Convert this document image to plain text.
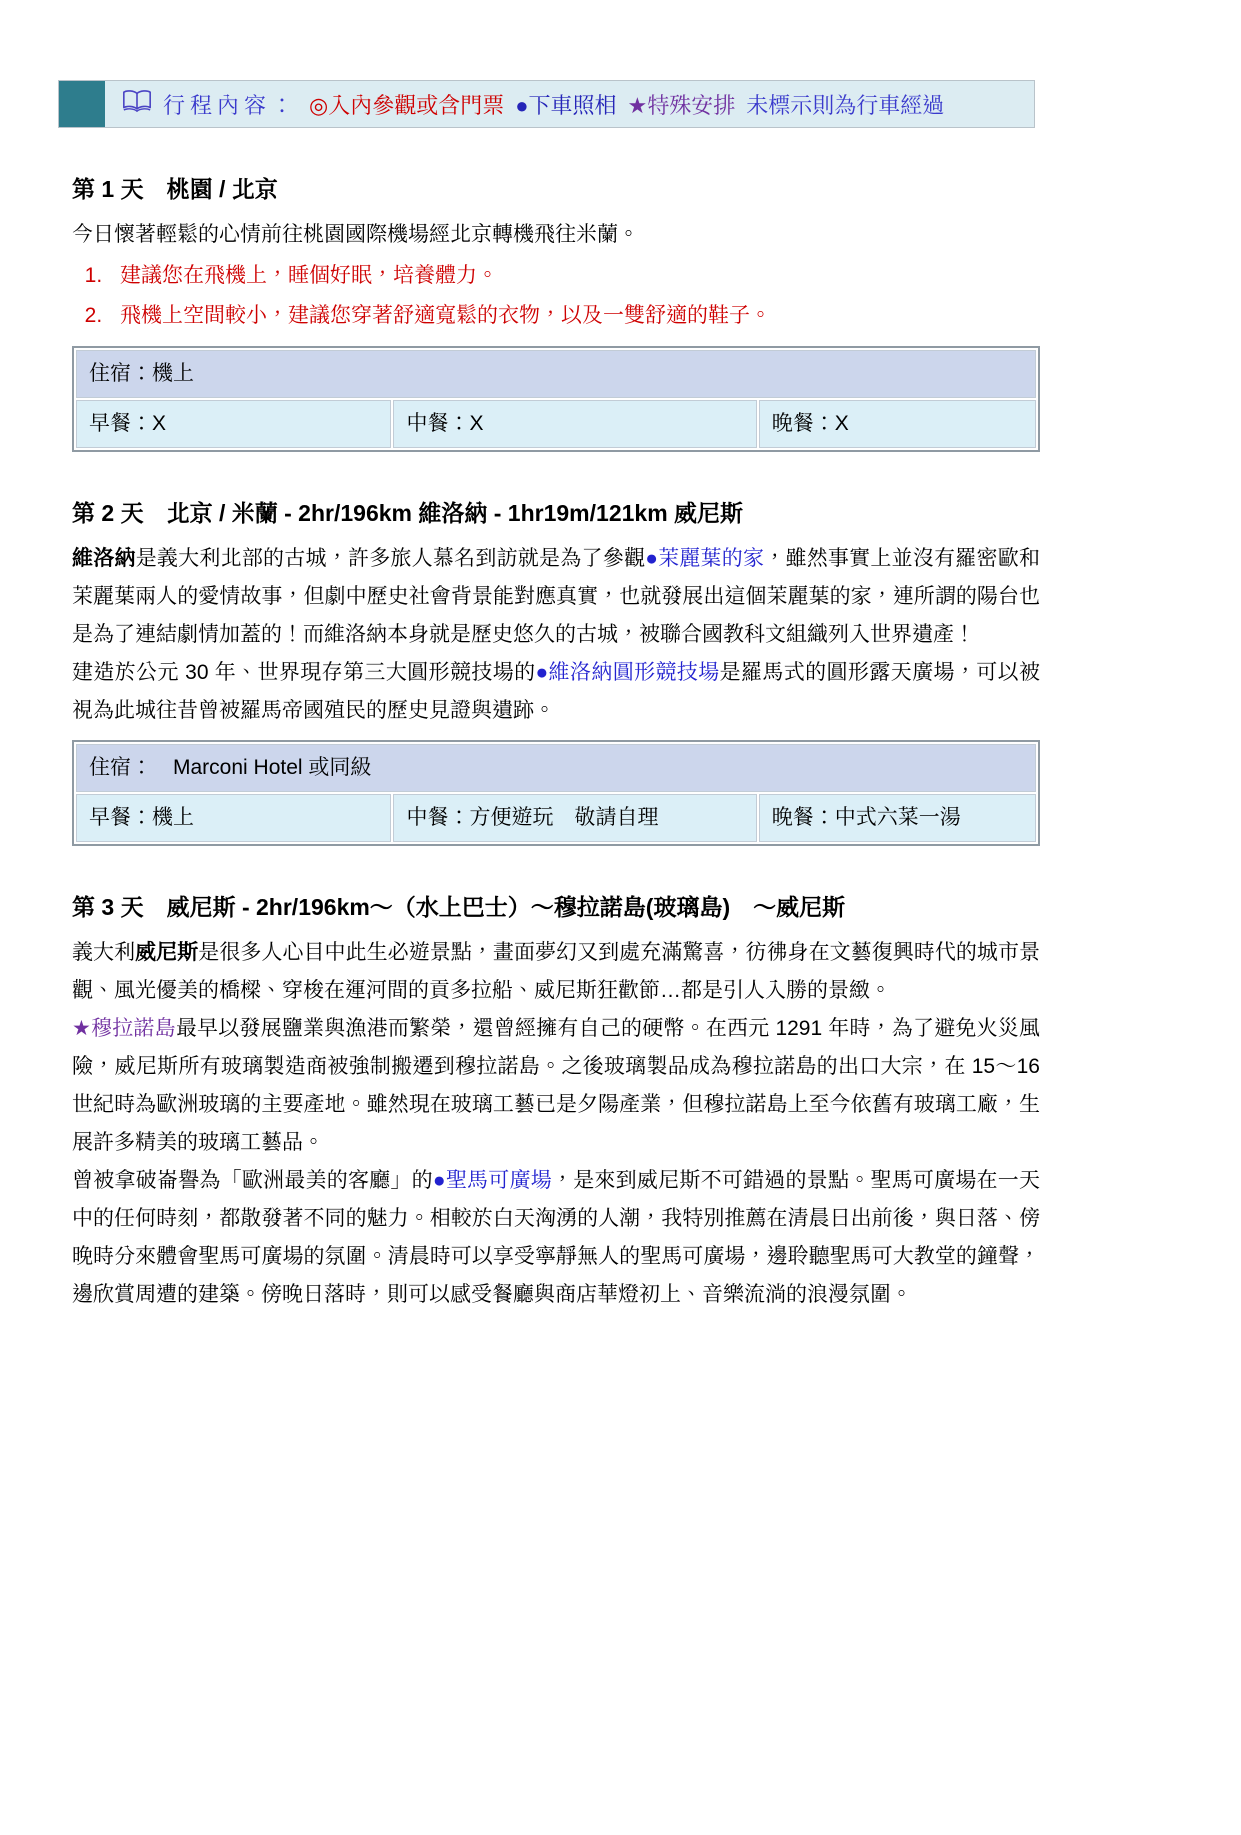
行程內容： ◎入內參觀或含門票 ●下車照相 ★特殊安排 未標示則為行車經過
第 1 天　桃園 / 北京

今日懷著輕鬆的心情前往桃園國際機場經北京轉機飛往米蘭。

1. 建議您在飛機上，睡個好眠，培養體力。
2. 飛機上空間較小，建議您穿著舒適寬鬆的衣物，以及一雙舒適的鞋子。
住宿：機上
早餐：X	中餐：X	晚餐：X
第 2 天　北京 / 米蘭 - 2hr/196km 維洛納 - 1hr19m/121km 威尼斯

維洛納是義大利北部的古城，許多旅人慕名到訪就是為了參觀●茉麗葉的家，雖然事實上並沒有羅密歐和茉麗葉兩人的愛情故事，但劇中歷史社會背景能對應真實，也就發展出這個茉麗葉的家，連所謂的陽台也是為了連結劇情加蓋的！而維洛納本身就是歷史悠久的古城，被聯合國教科文組織列入世界遺產！

建造於公元 30 年、世界現存第三大圓形競技場的●維洛納圓形競技場是羅馬式的圓形露天廣場，可以被視為此城往昔曾被羅馬帝國殖民的歷史見證與遺跡。

住宿：　Marconi Hotel 或同級
早餐：機上	中餐：方便遊玩　敬請自理	晚餐：中式六菜一湯
第 3 天　威尼斯 - 2hr/196km～（水上巴士）～穆拉諾島(玻璃島)　～威尼斯

義大利威尼斯是很多人心目中此生必遊景點，畫面夢幻又到處充滿驚喜，彷彿身在文藝復興時代的城市景觀、風光優美的橋樑、穿梭在運河間的貢多拉船、威尼斯狂歡節…都是引人入勝的景緻。

★穆拉諾島最早以發展鹽業與漁港而繁榮，還曾經擁有自己的硬幣。在西元 1291 年時，為了避免火災風險，威尼斯所有玻璃製造商被強制搬遷到穆拉諾島。之後玻璃製品成為穆拉諾島的出口大宗，在 15～16 世紀時為歐洲玻璃的主要產地。雖然現在玻璃工藝已是夕陽產業，但穆拉諾島上至今依舊有玻璃工廠，生展許多精美的玻璃工藝品。

曾被拿破崙譽為「歐洲最美的客廳」的●聖馬可廣場，是來到威尼斯不可錯過的景點。聖馬可廣場在一天中的任何時刻，都散發著不同的魅力。相較於白天洶湧的人潮，我特別推薦在清晨日出前後，與日落、傍晚時分來體會聖馬可廣場的氛圍。清晨時可以享受寧靜無人的聖馬可廣場，邊聆聽聖馬可大教堂的鐘聲，邊欣賞周遭的建築。傍晚日落時，則可以感受餐廳與商店華燈初上、音樂流淌的浪漫氛圍。
